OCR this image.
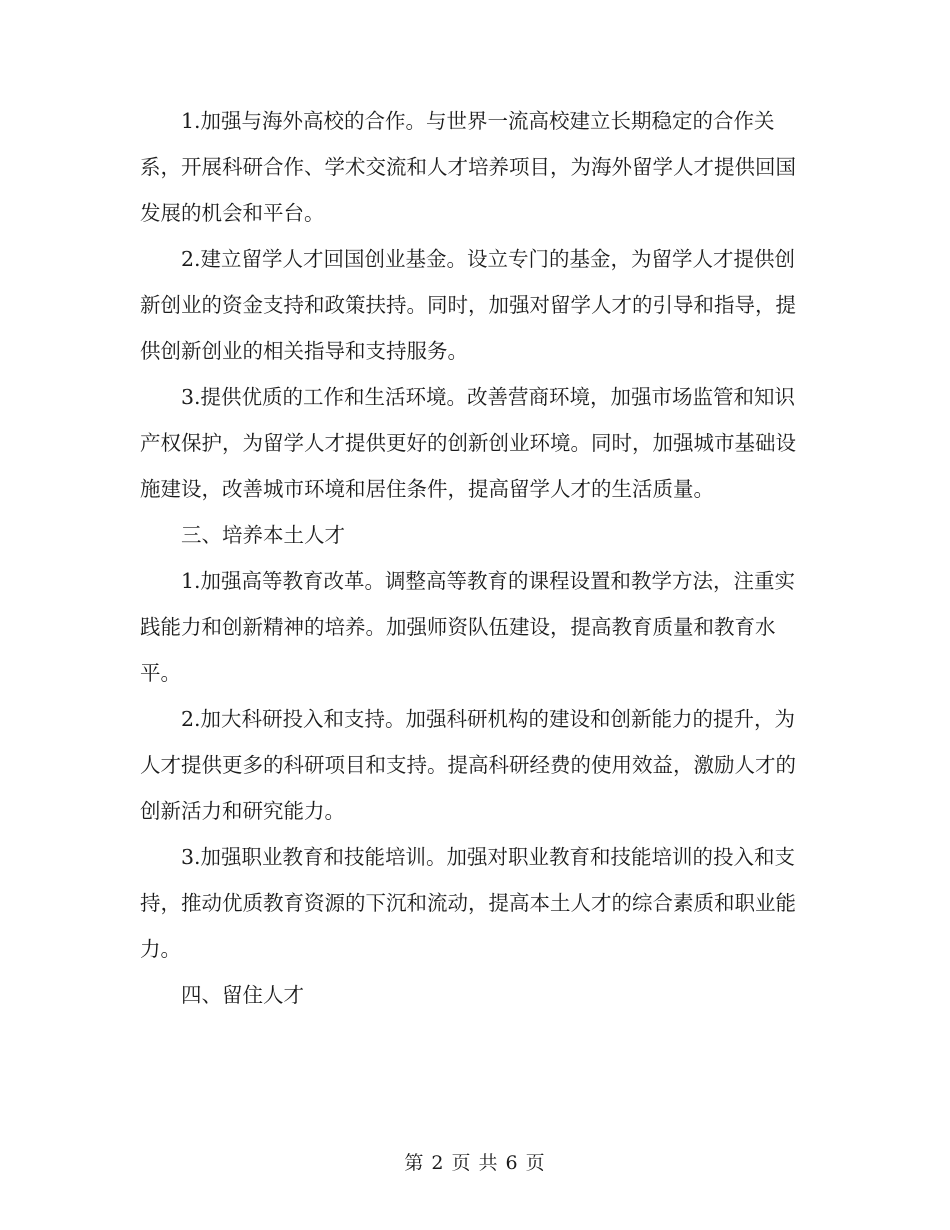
1.加强与海外高校的合作。与世界一流高校建立长期稳定的合作关系，开展科研合作、学术交流和人才培养项目，为海外留学人才提供回国发展的机会和平台。

2.建立留学人才回国创业基金。设立专门的基金，为留学人才提供创新创业的资金支持和政策扶持。同时，加强对留学人才的引导和指导，提供创新创业的相关指导和支持服务。

3.提供优质的工作和生活环境。改善营商环境，加强市场监管和知识产权保护，为留学人才提供更好的创新创业环境。同时，加强城市基础设施建设，改善城市环境和居住条件，提高留学人才的生活质量。

三、培养本土人才

1.加强高等教育改革。调整高等教育的课程设置和教学方法，注重实践能力和创新精神的培养。加强师资队伍建设，提高教育质量和教育水平。

2.加大科研投入和支持。加强科研机构的建设和创新能力的提升，为人才提供更多的科研项目和支持。提高科研经费的使用效益，激励人才的创新活力和研究能力。

3.加强职业教育和技能培训。加强对职业教育和技能培训的投入和支持，推动优质教育资源的下沉和流动，提高本土人才的综合素质和职业能力。

四、留住人才

第 2 页 共 6 页
